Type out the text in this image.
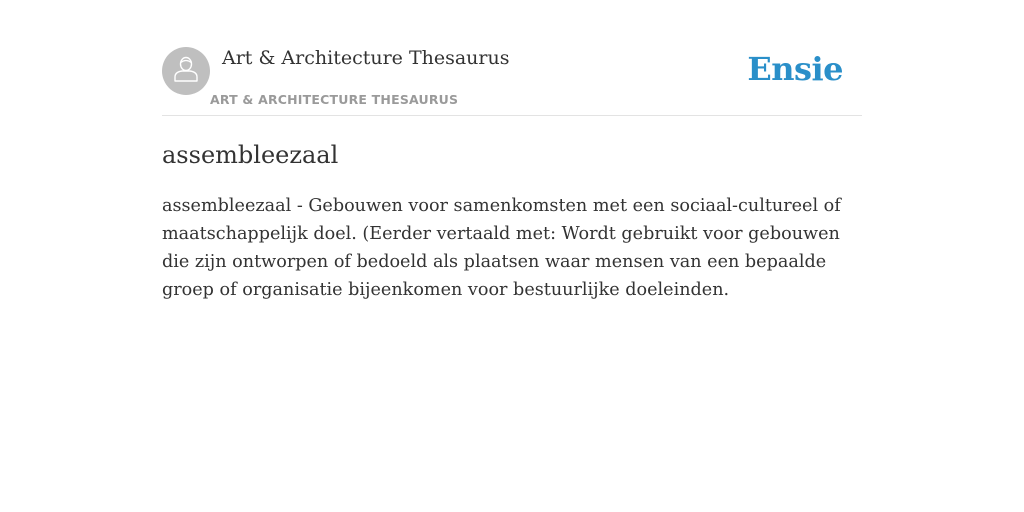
Art & Architecture Thesaurus
ART & ARCHITECTURE THESAURUS
Ensie
assembleezaal

assembleezaal - Gebouwen voor samenkomsten met een sociaal-cultureel of maatschappelijk doel. (Eerder vertaald met: Wordt gebruikt voor gebouwen die zijn ontworpen of bedoeld als plaatsen waar mensen van een bepaalde groep of organisatie bijeenkomen voor bestuurlijke doeleinden.
